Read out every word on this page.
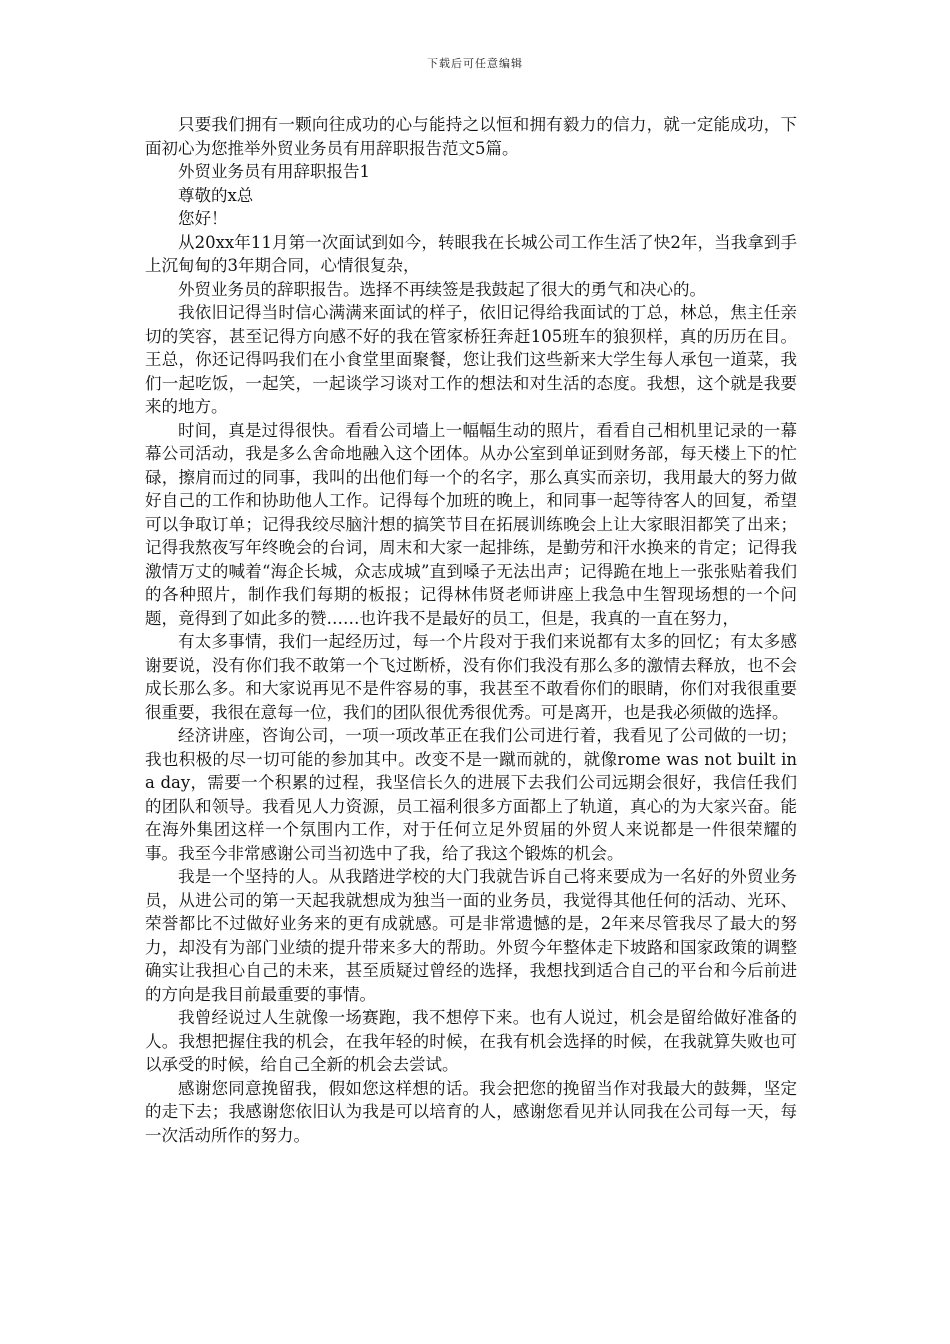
下载后可任意编辑

只要我们拥有一颗向往成功的心与能持之以恒和拥有毅力的信力，就一定能成功，下面初心为您推举外贸业务员有用辞职报告范文5篇。

外贸业务员有用辞职报告1

尊敬的x总

您好！

从20xx年11月第一次面试到如今，转眼我在长城公司工作生活了快2年，当我拿到手上沉甸甸的3年期合同，心情很复杂，

外贸业务员的辞职报告。选择不再续签是我鼓起了很大的勇气和决心的。

我依旧记得当时信心满满来面试的样子，依旧记得给我面试的丁总，林总，焦主任亲切的笑容，甚至记得方向感不好的我在管家桥狂奔赶105班车的狼狈样，真的历历在目。王总，你还记得吗我们在小食堂里面聚餐，您让我们这些新来大学生每人承包一道菜，我们一起吃饭，一起笑，一起谈学习谈对工作的想法和对生活的态度。我想，这个就是我要来的地方。

时间，真是过得很快。看看公司墙上一幅幅生动的照片，看看自己相机里记录的一幕幕公司活动，我是多么舍命地融入这个团体。从办公室到单证到财务部，每天楼上下的忙碌，擦肩而过的同事，我叫的出他们每一个的名字，那么真实而亲切，我用最大的努力做好自己的工作和协助他人工作。记得每个加班的晚上，和同事一起等待客人的回复，希望可以争取订单；记得我绞尽脑汁想的搞笑节目在拓展训练晚会上让大家眼泪都笑了出来；记得我熬夜写年终晚会的台词，周末和大家一起排练，是勤劳和汗水换来的肯定；记得我激情万丈的喊着“海企长城，众志成城”直到嗓子无法出声；记得跪在地上一张张贴着我们的各种照片，制作我们每期的板报；记得林伟贤老师讲座上我急中生智现场想的一个问题，竟得到了如此多的赞……也许我不是最好的员工，但是，我真的一直在努力，

有太多事情，我们一起经历过，每一个片段对于我们来说都有太多的回忆；有太多感谢要说，没有你们我不敢第一个飞过断桥，没有你们我没有那么多的激情去释放，也不会成长那么多。和大家说再见不是件容易的事，我甚至不敢看你们的眼睛，你们对我很重要很重要，我很在意每一位，我们的团队很优秀很优秀。可是离开，也是我必须做的选择。

经济讲座，咨询公司，一项一项改革正在我们公司进行着，我看见了公司做的一切；我也积极的尽一切可能的参加其中。改变不是一蹴而就的，就像rome was not built in a day，需要一个积累的过程，我坚信长久的进展下去我们公司远期会很好，我信任我们的团队和领导。我看见人力资源，员工福利很多方面都上了轨道，真心的为大家兴奋。能在海外集团这样一个氛围内工作，对于任何立足外贸届的外贸人来说都是一件很荣耀的事。我至今非常感谢公司当初选中了我，给了我这个锻炼的机会。

我是一个坚持的人。从我踏进学校的大门我就告诉自己将来要成为一名好的外贸业务员，从进公司的第一天起我就想成为独当一面的业务员，我觉得其他任何的活动、光环、荣誉都比不过做好业务来的更有成就感。可是非常遗憾的是，2年来尽管我尽了最大的努力，却没有为部门业绩的提升带来多大的帮助。外贸今年整体走下坡路和国家政策的调整确实让我担心自己的未来，甚至质疑过曾经的选择，我想找到适合自己的平台和今后前进的方向是我目前最重要的事情。

我曾经说过人生就像一场赛跑，我不想停下来。也有人说过，机会是留给做好准备的人。我想把握住我的机会，在我年轻的时候，在我有机会选择的时候，在我就算失败也可以承受的时候，给自己全新的机会去尝试。

感谢您同意挽留我，假如您这样想的话。我会把您的挽留当作对我最大的鼓舞，坚定的走下去；我感谢您依旧认为我是可以培育的人，感谢您看见并认同我在公司每一天，每一次活动所作的努力。
